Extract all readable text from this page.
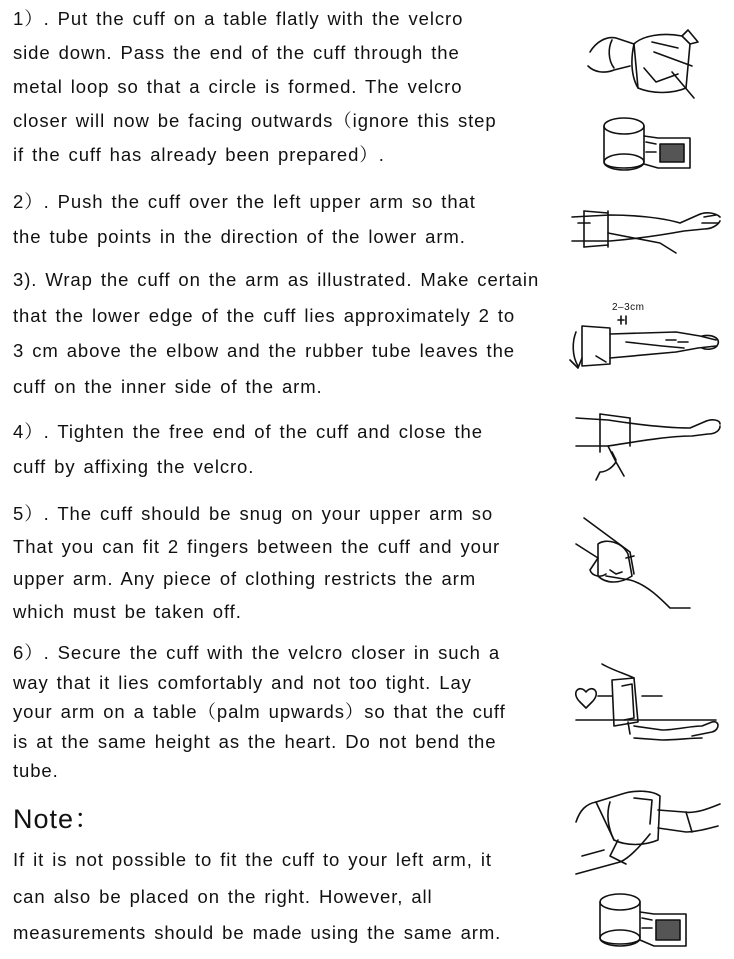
1）. Put the cuff on a table flatly with the velcro
side down. Pass the end of the cuff through the
metal loop so that a circle is formed. The velcro
closer will now be facing outwards（ignore this step
if the cuff has already been prepared）.

2）. Push the cuff over the left upper arm so that
the tube points in the direction of the lower arm.

3). Wrap the cuff on the arm as illustrated. Make certain
that the lower edge of the cuff lies approximately 2 to
3 cm above the elbow and the rubber tube leaves the
cuff on the inner side of the arm.

4）. Tighten the free end of the cuff and close the
cuff by affixing the velcro.

5）. The cuff should be snug on your upper arm so
That you can fit 2 fingers between the cuff and your
upper arm. Any piece of clothing restricts the arm
which must be taken off.

6）. Secure the cuff with the velcro closer in such a
way that it lies comfortably and not too tight. Lay
your arm on a table（palm upwards）so that the cuff
is at the same height as the heart. Do not bend the
tube.

Note：

If it is not possible to fit the cuff to your left arm, it
can also be placed on the right. However, all
measurements should be made using the same arm.

2–3cm
